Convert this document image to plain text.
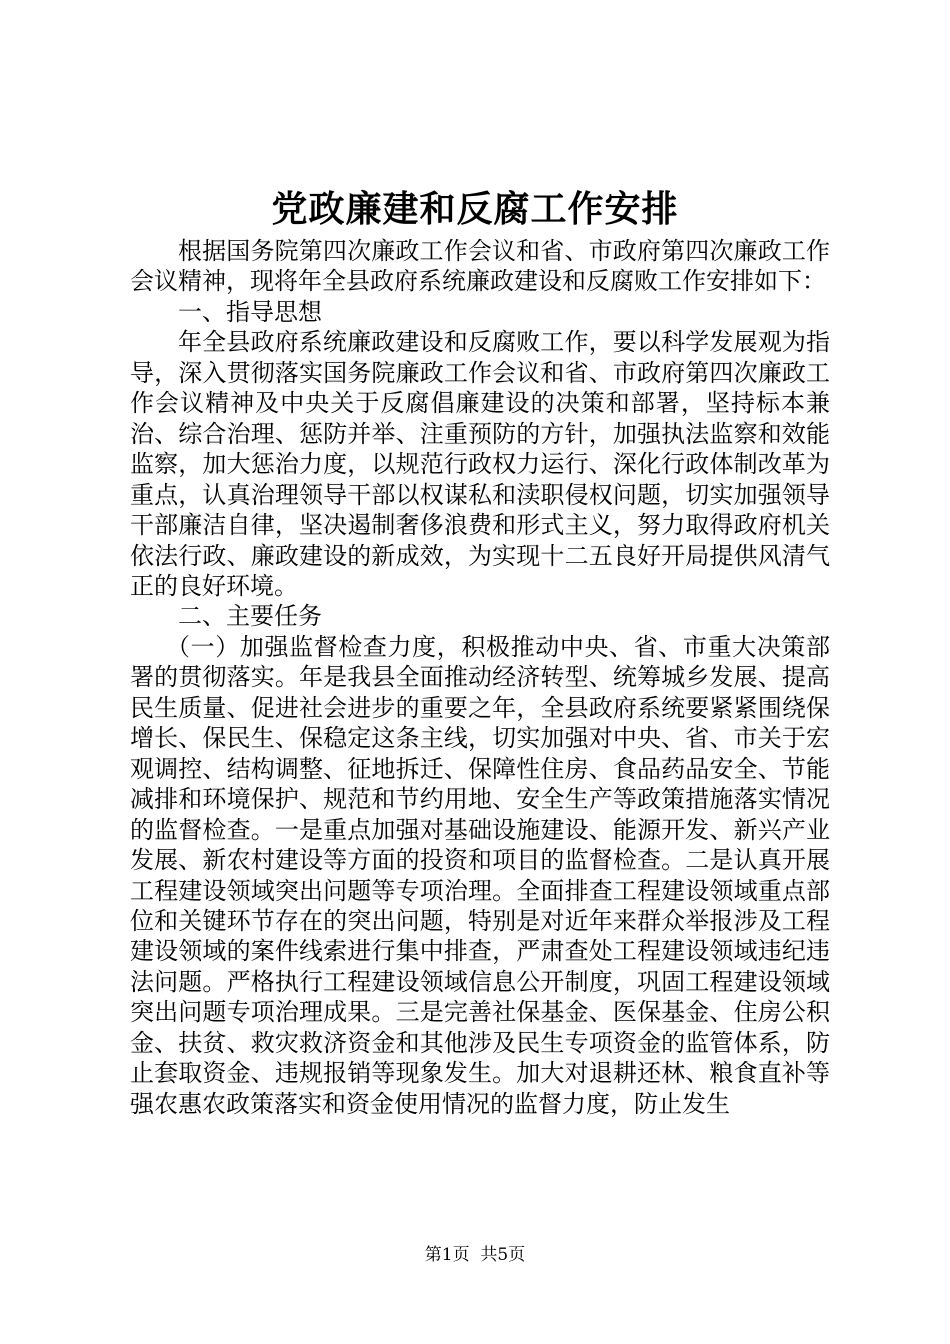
党政廉建和反腐工作安排

根据国务院第四次廉政工作会议和省、市政府第四次廉政工作会议精神，现将年全县政府系统廉政建设和反腐败工作安排如下：

一、指导思想

年全县政府系统廉政建设和反腐败工作，要以科学发展观为指导，深入贯彻落实国务院廉政工作会议和省、市政府第四次廉政工作会议精神及中央关于反腐倡廉建设的决策和部署，坚持标本兼治、综合治理、惩防并举、注重预防的方针，加强执法监察和效能监察，加大惩治力度，以规范行政权力运行、深化行政体制改革为重点，认真治理领导干部以权谋私和渎职侵权问题，切实加强领导干部廉洁自律，坚决遏制奢侈浪费和形式主义，努力取得政府机关依法行政、廉政建设的新成效，为实现十二五良好开局提供风清气正的良好环境。

二、主要任务

（一）加强监督检查力度，积极推动中央、省、市重大决策部署的贯彻落实。年是我县全面推动经济转型、统筹城乡发展、提高民生质量、促进社会进步的重要之年，全县政府系统要紧紧围绕保增长、保民生、保稳定这条主线，切实加强对中央、省、市关于宏观调控、结构调整、征地拆迁、保障性住房、食品药品安全、节能减排和环境保护、规范和节约用地、安全生产等政策措施落实情况的监督检查。一是重点加强对基础设施建设、能源开发、新兴产业发展、新农村建设等方面的投资和项目的监督检查。二是认真开展工程建设领域突出问题等专项治理。全面排查工程建设领域重点部位和关键环节存在的突出问题，特别是对近年来群众举报涉及工程建设领域的案件线索进行集中排查，严肃查处工程建设领域违纪违法问题。严格执行工程建设领域信息公开制度，巩固工程建设领域突出问题专项治理成果。三是完善社保基金、医保基金、住房公积金、扶贫、救灾救济资金和其他涉及民生专项资金的监管体系，防止套取资金、违规报销等现象发生。加大对退耕还林、粮食直补等强农惠农政策落实和资金使用情况的监督力度，防止发生

第1页 共5页
